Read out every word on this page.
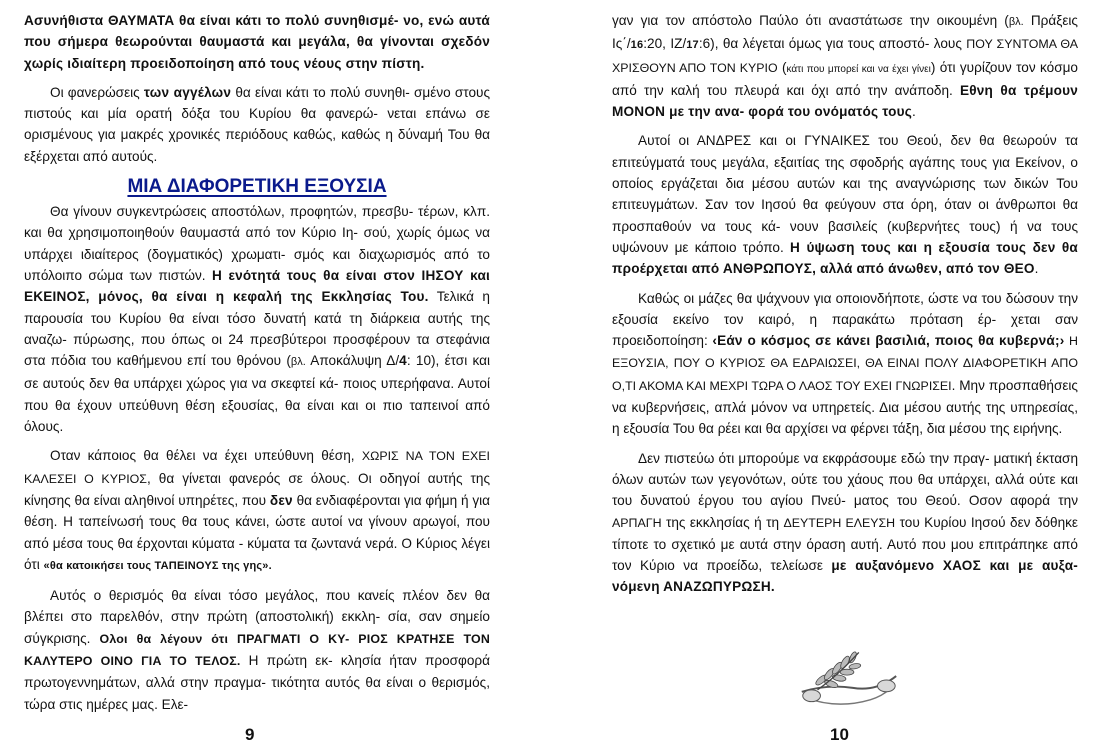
Ασυνήθιστα ΘΑΥΜΑΤΑ θα είναι κάτι το πολύ συνηθισμέ- νο, ενώ αυτά που σήμερα θεωρούνται θαυμαστά και μεγάλα, θα γίνονται σχεδόν χωρίς ιδιαίτερη προειδοποίηση από τους νέους στην πίστη.

Οι φανερώσεις των αγγέλων θα είναι κάτι το πολύ συνηθι- σμένο στους πιστούς και μία ορατή δόξα του Κυρίου θα φανερώ- νεται επάνω σε ορισμένους για μακρές χρονικές περιόδους καθώς, καθώς η δύναμή Του θα εξέρχεται από αυτούς.

ΜΙΑ ΔΙΑΦΟΡΕΤΙΚΗ ΕΞΟΥΣΙΑ

Θα γίνουν συγκεντρώσεις αποστόλων, προφητών, πρεσβυ- τέρων, κλπ. και θα χρησιμοποιηθούν θαυμαστά από τον Κύριο Ιη- σού, χωρίς όμως να υπάρχει ιδιαίτερος (δογματικός) χρωματι- σμός και διαχωρισμός από το υπόλοιπο σώμα των πιστών. Η ενότητά τους θα είναι στον ΙΗΣΟΥ και ΕΚΕΙΝΟΣ, μόνος, θα είναι η κεφαλή της Εκκλησίας Του. Τελικά η παρουσία του Κυρίου θα είναι τόσο δυνατή κατά τη διάρκεια αυτής της αναζω- πύρωσης, που όπως οι 24 πρεσβύτεροι προσφέρουν τα στεφάνια στα πόδια του καθήμενου επί του θρόνου (βλ. Αποκάλυψη Δ/4: 10), έτσι και σε αυτούς δεν θα υπάρχει χώρος για να σκεφτεί κά- ποιος υπερήφανα. Αυτοί που θα έχουν υπεύθυνη θέση εξουσίας, θα είναι και οι πιο ταπεινοί από όλους.

Οταν κάποιος θα θέλει να έχει υπεύθυνη θέση, ΧΩΡΙΣ ΝΑ ΤΟΝ ΕΧΕΙ ΚΑΛΕΣΕΙ Ο ΚΥΡΙΟΣ, θα γίνεται φανερός σε όλους. Οι οδηγοί αυτής της κίνησης θα είναι αληθινοί υπηρέτες, που δεν θα ενδιαφέρονται για φήμη ή για θέση. Η ταπείνωσή τους θα τους κάνει, ώστε αυτοί να γίνουν αρωγοί, που από μέσα τους θα έρχονται κύματα - κύματα τα ζωντανά νερά. Ο Κύριος λέγει ότι «θα κατοικήσει τους ΤΑΠΕΙΝΟΥΣ της γης».

Αυτός ο θερισμός θα είναι τόσο μεγάλος, που κανείς πλέον δεν θα βλέπει στο παρελθόν, στην πρώτη (αποστολική) εκκλη- σία, σαν σημείο σύγκρισης. Ολοι θα λέγουν ότι ΠΡΑΓΜΑΤΙ Ο ΚΥ- ΡΙΟΣ ΚΡΑΤΗΣΕ ΤΟΝ ΚΑΛΥΤΕΡΟ ΟΙΝΟ ΓΙΑ ΤΟ ΤΕΛΟΣ. Η πρώτη εκ- κλησία ήταν προσφορά πρωτογεννημάτων, αλλά στην πραγμα- τικότητα αυτός θα είναι ο θερισμός, τώρα στις ημέρες μας. Ελε-

9

γαν για τον απόστολο Παύλο ότι αναστάτωσε την οικουμένη (βλ. Πράξεις Ις΄/16:20, ΙΖ/17:6), θα λέγεται όμως για τους αποστό- λους ΠΟΥ ΣΥΝΤΟΜΑ ΘΑ ΧΡΙΣΘΟΥΝ ΑΠΟ ΤΟΝ ΚΥΡΙΟ (κάτι που μπορεί και να έχει γίνει) ότι γυρίζουν τον κόσμο από την καλή του πλευρά και όχι από την ανάποδη. Εθνη θα τρέμουν ΜΟΝΟΝ με την ανα- φορά του ονόματός τους.

Αυτοί οι ΑΝΔΡΕΣ και οι ΓΥΝΑΙΚΕΣ του Θεού, δεν θα θεωρούν τα επιτεύγματά τους μεγάλα, εξαιτίας της σφοδρής αγάπης τους για Εκείνον, ο οποίος εργάζεται δια μέσου αυτών και της αναγνώρισης των δικών Του επιτευγμάτων. Σαν τον Ιησού θα φεύγουν στα όρη, όταν οι άνθρωποι θα προσπαθούν να τους κά- νουν βασιλείς (κυβερνήτες τους) ή να τους υψώνουν με κάποιο τρόπο. Η ύψωση τους και η εξουσία τους δεν θα προέρχεται από ΑΝΘΡΩΠΟΥΣ, αλλά από άνωθεν, από τον ΘΕΟ.

Καθώς οι μάζες θα ψάχνουν για οποιονδήποτε, ώστε να του δώσουν την εξουσία εκείνο τον καιρό, η παρακάτω πρόταση έρ- χεται σαν προειδοποίηση: ‹Εάν ο κόσμος σε κάνει βασιλιά, ποιος θα κυβερνά;› Η ΕΞΟΥΣΙΑ, ΠΟΥ Ο ΚΥΡΙΟΣ ΘΑ ΕΔΡΑΙΩΣΕΙ, ΘΑ ΕΙΝΑΙ ΠΟΛΥ ΔΙΑΦΟΡΕΤΙΚΗ ΑΠΟ Ο,ΤΙ ΑΚΟΜΑ ΚΑΙ ΜΕΧΡΙ ΤΩΡΑ Ο ΛΑΟΣ ΤΟΥ ΕΧΕΙ ΓΝΩΡΙΣΕΙ. Μην προσπαθήσεις να κυβερνήσεις, απλά μόνον να υπηρετείς. Δια μέσου αυτής της υπηρεσίας, η εξουσία Του θα ρέει και θα αρχίσει να φέρνει τάξη, δια μέσου της ειρήνης.

Δεν πιστεύω ότι μπορούμε να εκφράσουμε εδώ την πραγ- ματική έκταση όλων αυτών των γεγονότων, ούτε του χάους που θα υπάρχει, αλλά ούτε και του δυνατού έργου του αγίου Πνεύ- ματος του Θεού. Οσον αφορά την ΑΡΠΑΓΗ της εκκλησίας ή τη ΔΕΥΤΕΡΗ ΕΛΕΥΣΗ του Κυρίου Ιησού δεν δόθηκε τίποτε το σχετικό με αυτά στην όραση αυτή. Αυτό που μου επιτράπηκε από τον Κύριο να προείδω, τελείωσε με αυξανόμενο ΧΑΟΣ και με αυξα- νόμενη ΑΝΑΖΩΠΥΡΩΣΗ.

10
